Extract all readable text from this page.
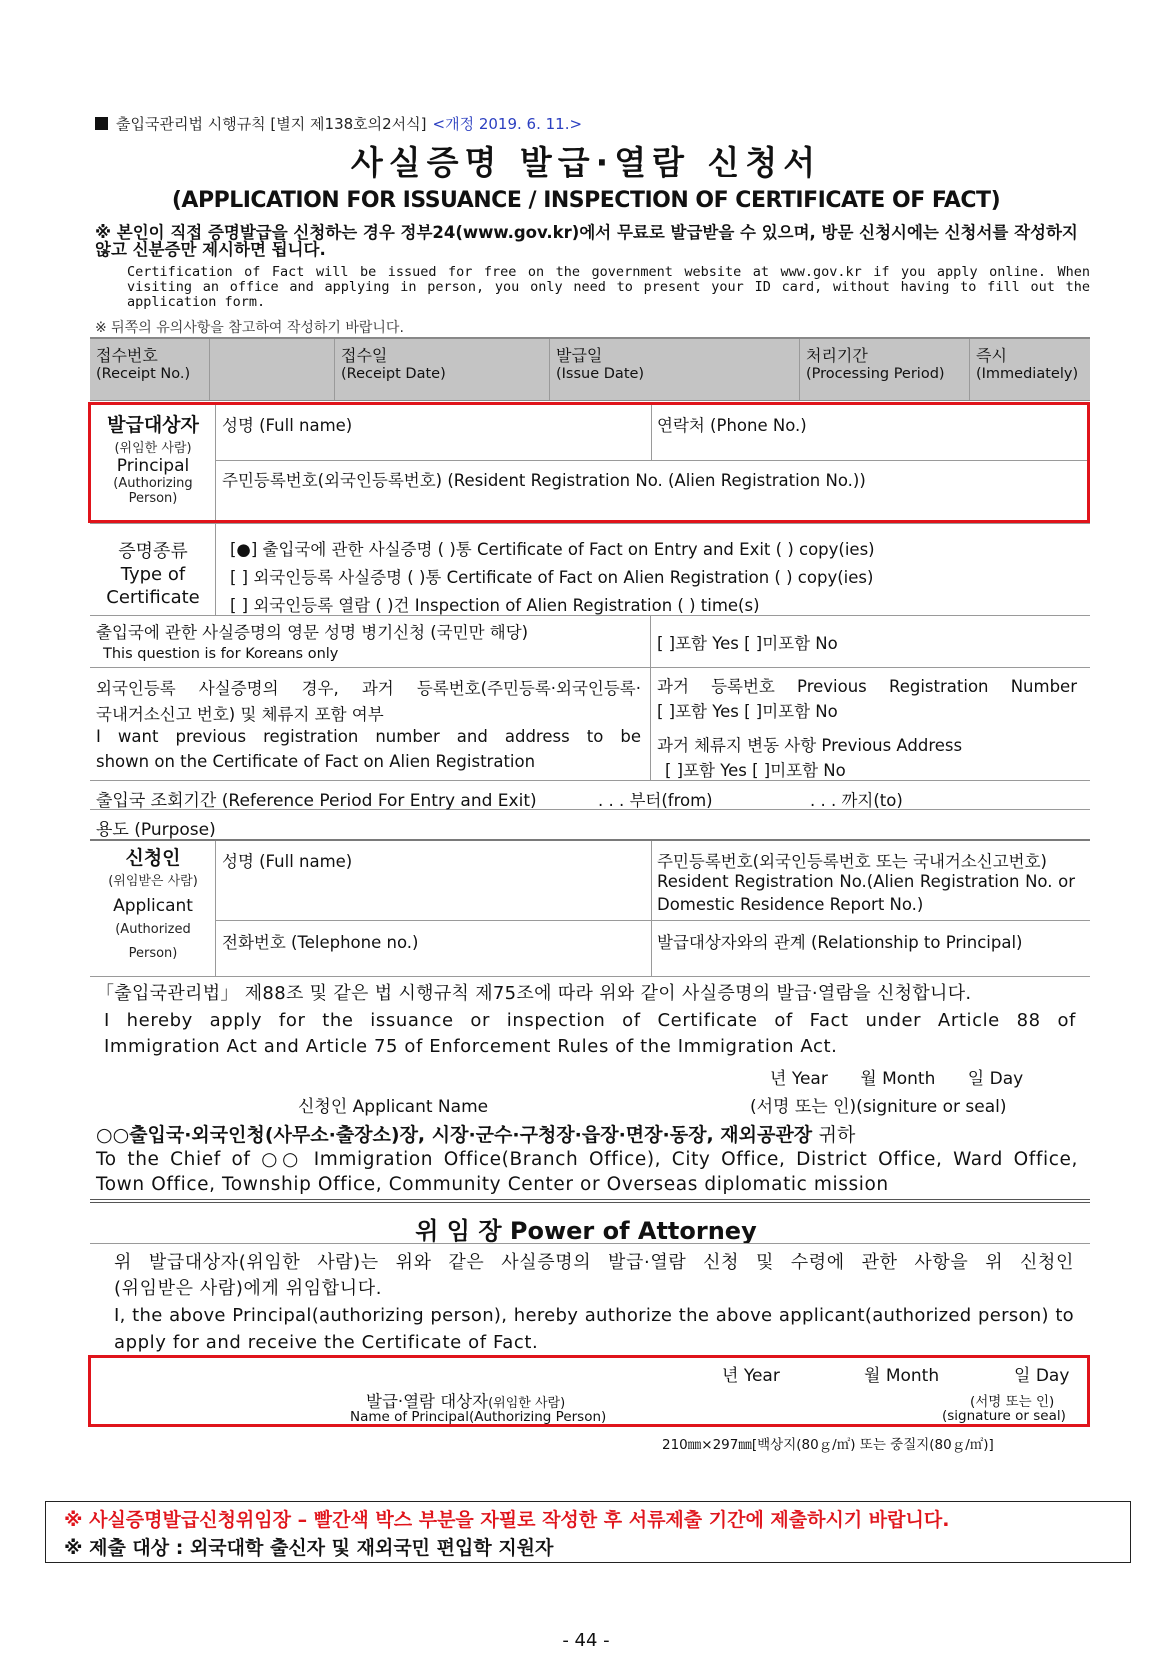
출입국관리법 시행규칙 [별지 제138호의2서식] <개정 2019. 6. 11.>
사실증명 발급·열람 신청서
(APPLICATION FOR ISSUANCE / INSPECTION OF CERTIFICATE OF FACT)
※ 본인이 직접 증명발급을 신청하는 경우 정부24(www.gov.kr)에서 무료로 발급받을 수 있으며, 방문 신청시에는 신청서를 작성하지 않고 신분증만 제시하면 됩니다.
Certification of Fact will be issued for free on the government website at www.gov.kr if you apply online. When visiting an office and applying in person, you only need to present your ID card, without having to fill out the application form.
※ 뒤쪽의 유의사항을 참고하여 작성하기 바랍니다.
접수번호
(Receipt No.)
접수일
(Receipt Date)
발급일
(Issue Date)
처리기간
(Processing Period)
즉시
(Immediately)
발급대상자
(위임한 사람)
Principal
(Authorizing Person)
성명 (Full name)	연락처 (Phone No.)
주민등록번호(외국인등록번호) (Resident Registration No. (Alien Registration No.))
증명종류
Type of
Certificate
[●] 출입국에 관한 사실증명 ( )통 Certificate of Fact on Entry and Exit ( ) copy(ies)
[ ] 외국인등록 사실증명 ( )통 Certificate of Fact on Alien Registration ( ) copy(ies)
[ ] 외국인등록 열람 ( )건 Inspection of Alien Registration ( ) time(s)
출입국에 관한 사실증명의 영문 성명 병기신청 (국민만 해당)
This question is for Koreans only
[ ]포함 Yes [ ]미포함 No
외국인등록 사실증명의 경우, 과거 등록번호(주민등록·외국인등록·
국내거소신고 번호) 및 체류지 포함 여부
I want previous registration number and address to be
shown on the Certificate of Fact on Alien Registration
과거 등록번호 Previous Registration Number
[ ]포함 Yes [ ]미포함 No
과거 체류지 변동 사항 Previous Address
[ ]포함 Yes [ ]미포함 No
출입국 조회기간 (Reference Period For Entry and Exit)	. . . 부터(from)	. . . 까지(to)
용도 (Purpose)
신청인
(위임받은 사람)
Applicant
(Authorized
Person)
성명 (Full name)	주민등록번호(외국인등록번호 또는 국내거소신고번호)
Resident Registration No.(Alien Registration No. or
Domestic Residence Report No.)
전화번호 (Telephone no.)	발급대상자와의 관계 (Relationship to Principal)
「출입국관리법」 제88조 및 같은 법 시행규칙 제75조에 따라 위와 같이 사실증명의 발급·열람을 신청합니다.
I hereby apply for the issuance or inspection of Certificate of Fact under Article 88 of
Immigration Act and Article 75 of Enforcement Rules of the Immigration Act.
년 Year      월 Month      일 Day
신청인 Applicant Name	(서명 또는 인)(signiture or seal)
○○출입국·외국인청(사무소·출장소)장, 시장·군수·구청장·읍장·면장·동장, 재외공관장 귀하
To the Chief of ○○ Immigration Office(Branch Office), City Office, District Office, Ward Office,
Town Office, Township Office, Community Center or Overseas diplomatic mission
위 임 장 Power of Attorney
위 발급대상자(위임한 사람)는 위와 같은 사실증명의 발급·열람 신청 및 수령에 관한 사항을 위 신청인
(위임받은 사람)에게 위임합니다.
I, the above Principal(authorizing person), hereby authorize the above applicant(authorized person) to
apply for and receive the Certificate of Fact.
년 Year	월 Month	일 Day
발급·열람 대상자(위임한 사람)
Name of Principal(Authorizing Person)
(서명 또는 인)
(signature or seal)
210㎜×297㎜[백상지(80ｇ/㎡) 또는 중질지(80ｇ/㎡)]
※ 사실증명발급신청위임장 – 빨간색 박스 부분을 자필로 작성한 후 서류제출 기간에 제출하시기 바랍니다.
※ 제출 대상 : 외국대학 출신자 및 재외국민 편입학 지원자
- 44 -
